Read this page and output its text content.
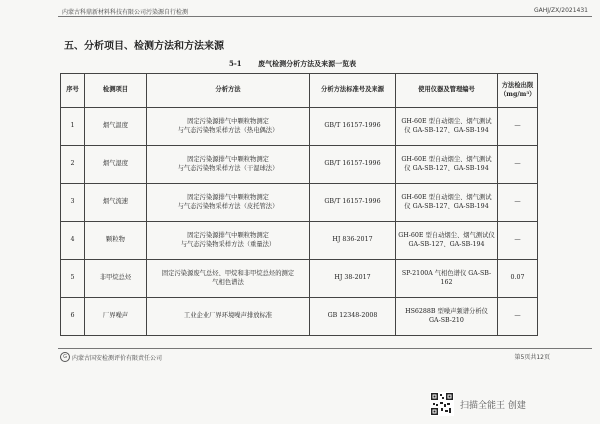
内蒙古科鼎新材料科技有限公司污染源自行检测	GAHJ/ZX/2021431
五、分析项目、检测方法和方法来源
5-1 废气检测分析方法及来源一览表
序号	检测项目	分析方法	分析方法标准号及来源	使用仪器及管理编号	方法检出限
（mg/m³）

1	烟气温度	固定污染源排气中颗粒物测定
与气态污染物采样方法（热电偶法）	GB/T 16157-1996	GH-60E 型自动烟尘、烟气测试
仪 GA-SB-127、GA-SB-194	—
2	烟气湿度	固定污染源排气中颗粒物测定
与气态污染物采样方法（干湿球法）	GB/T 16157-1996	GH-60E 型自动烟尘、烟气测试
仪 GA-SB-127、GA-SB-194	—
3	烟气流速	固定污染源排气中颗粒物测定
与气态污染物采样方法（皮托管法）	GB/T 16157-1996	GH-60E 型自动烟尘、烟气测试
仪 GA-SB-127、GA-SB-194	—
4	颗粒物	固定污染源排气中颗粒物测定
与气态污染物采样方法（重量法）	HJ 836-2017	GH-60E 型自动烟尘、烟气测试仪
GA-SB-127、GA-SB-194	—
5	非甲烷总烃	固定污染源废气总烃、甲烷和非甲烷总烃的测定
气相色谱法	HJ 38-2017	SP-2100A 气相色谱仪 GA-SB-
162	0.07
6	厂界噪声	工业企业厂界环境噪声排放标准	GB 12348-2008	HS6288B 型噪声频谱分析仪
GA-SB-210	—
G 内蒙古国安检测评价有限责任公司	第5页共12页
扫描全能王 创建
